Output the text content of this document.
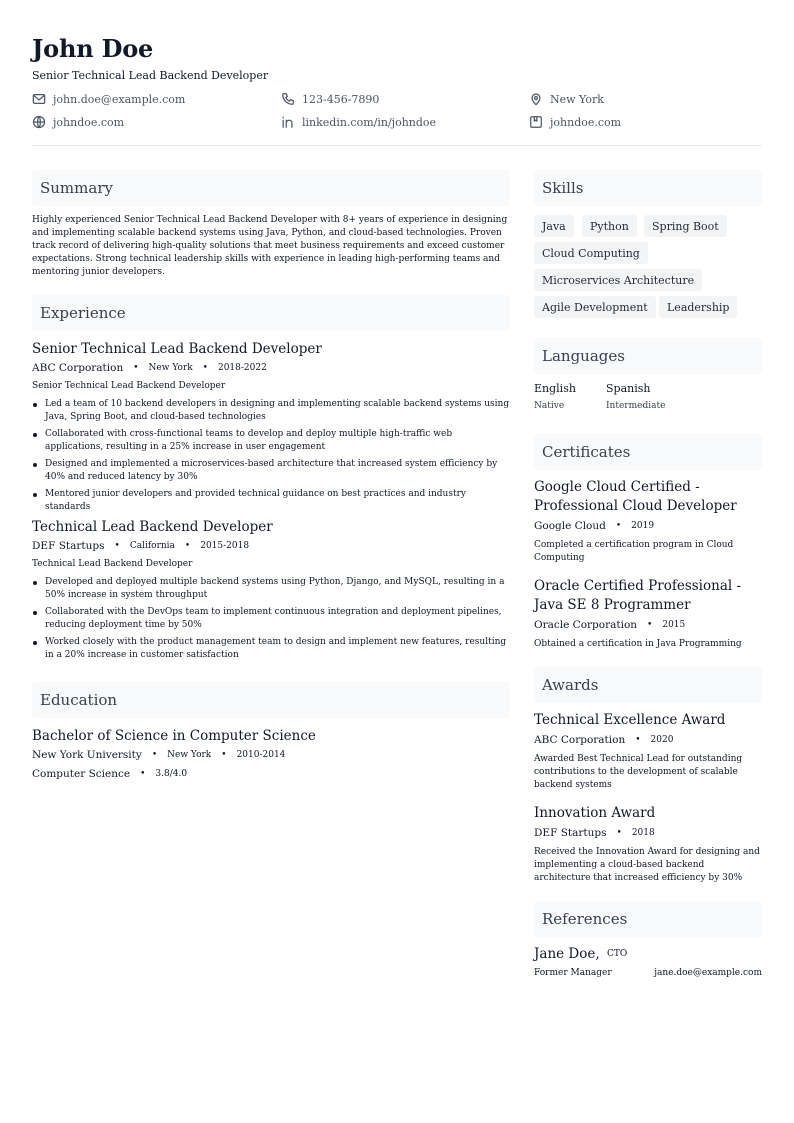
John Doe
Senior Technical Lead Backend Developer
john.doe@example.com	123-456-7890	New York
johndoe.com	linkedin.com/in/johndoe	johndoe.com
Summary
Highly experienced Senior Technical Lead Backend Developer with 8+ years of experience in designing and implementing scalable backend systems using Java, Python, and cloud-based technologies. Proven track record of delivering high-quality solutions that meet business requirements and exceed customer expectations. Strong technical leadership skills with experience in leading high-performing teams and mentoring junior developers.
Experience
Senior Technical Lead Backend Developer
ABC Corporation • New York • 2018-2022
Senior Technical Lead Backend Developer
Led a team of 10 backend developers in designing and implementing scalable backend systems using Java, Spring Boot, and cloud-based technologies
Collaborated with cross-functional teams to develop and deploy multiple high-traffic web applications, resulting in a 25% increase in user engagement
Designed and implemented a microservices-based architecture that increased system efficiency by 40% and reduced latency by 30%
Mentored junior developers and provided technical guidance on best practices and industry standards
Technical Lead Backend Developer
DEF Startups • California • 2015-2018
Technical Lead Backend Developer
Developed and deployed multiple backend systems using Python, Django, and MySQL, resulting in a 50% increase in system throughput
Collaborated with the DevOps team to implement continuous integration and deployment pipelines, reducing deployment time by 50%
Worked closely with the product management team to design and implement new features, resulting in a 20% increase in customer satisfaction
Education
Bachelor of Science in Computer Science
New York University • New York • 2010-2014
Computer Science • 3.8/4.0
Skills
Java	Python	Spring Boot
Cloud Computing
Microservices Architecture
Agile Development	Leadership
Languages
English
Native
Spanish
Intermediate
Certificates
Google Cloud Certified - Professional Cloud Developer
Google Cloud • 2019
Completed a certification program in Cloud Computing
Oracle Certified Professional - Java SE 8 Programmer
Oracle Corporation • 2015
Obtained a certification in Java Programming
Awards
Technical Excellence Award
ABC Corporation • 2020
Awarded Best Technical Lead for outstanding contributions to the development of scalable backend systems
Innovation Award
DEF Startups • 2018
Received the Innovation Award for designing and implementing a cloud-based backend architecture that increased efficiency by 30%
References
Jane Doe, CTO
Former Manager	jane.doe@example.com
